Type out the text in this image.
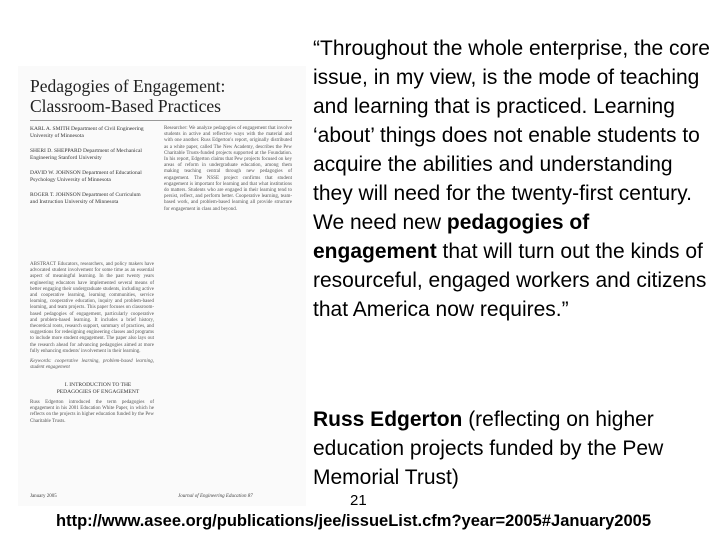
Pedagogies of Engagement: Classroom-Based Practices
KARL A. SMITH Department of Civil Engineering University of Minnesota
SHERI D. SHEPPARD Department of Mechanical Engineering Stanford University
DAVID W. JOHNSON Department of Educational Psychology University of Minnesota
ROGER T. JOHNSON Department of Curriculum and Instruction University of Minnesota
ABSTRACT Educators, researchers, and policy makers have advocated student involvement for some time as an essential aspect of meaningful learning. In the past twenty years engineering educators have implemented several means of better engaging their undergraduate students, including active and cooperative learning, learning communities, service learning, cooperative education, inquiry and problem-based learning, and team projects. This paper focuses on classroom-based pedagogies of engagement, particularly cooperative and problem-based learning. It includes a brief history, theoretical roots, research support, summary of practices, and suggestions for redesigning engineering classes and programs to include more student engagement. The paper also lays out the research ahead for advancing pedagogies aimed at more fully enhancing students' involvement in their learning.
Keywords: cooperative learning, problem-based learning, student engagement
Researcher: We analyze pedagogies of engagement that involve students in active and reflective ways with the material and with one another. Russ Edgerton's report, originally distributed as a white paper, called The New Academy, describes the Pew Charitable Trusts-funded projects supported at the Foundation. In his report, Edgerton claims that Pew projects focused on key areas of reform in undergraduate education, among them making teaching central through new pedagogies of engagement. The NSSE project confirms that student engagement is important for learning and that what institutions do matters. Students who are engaged in their learning tend to persist, reflect, and perform better. Cooperative learning, team-based work, and problem-based learning all provide structure for engagement in class and beyond.
I. INTRODUCTION TO THE PEDAGOGIES OF ENGAGEMENT
Russ Edgerton introduced the term pedagogies of engagement in his 2001 Education White Paper, in which he reflects on the projects in higher education funded by the Pew Charitable Trusts.
January 2005	Journal of Engineering Education 87
“Throughout the whole enterprise, the core issue, in my view, is the mode of teaching and learning that is practiced. Learning ‘about’ things does not enable students to acquire the abilities and understanding they will need for the twenty-first century. We need new pedagogies of engagement that will turn out the kinds of resourceful, engaged workers and citizens that America now requires.”
Russ Edgerton (reflecting on higher education projects funded by the Pew Memorial Trust)
21
http://www.asee.org/publications/jee/issueList.cfm?year=2005#January2005
